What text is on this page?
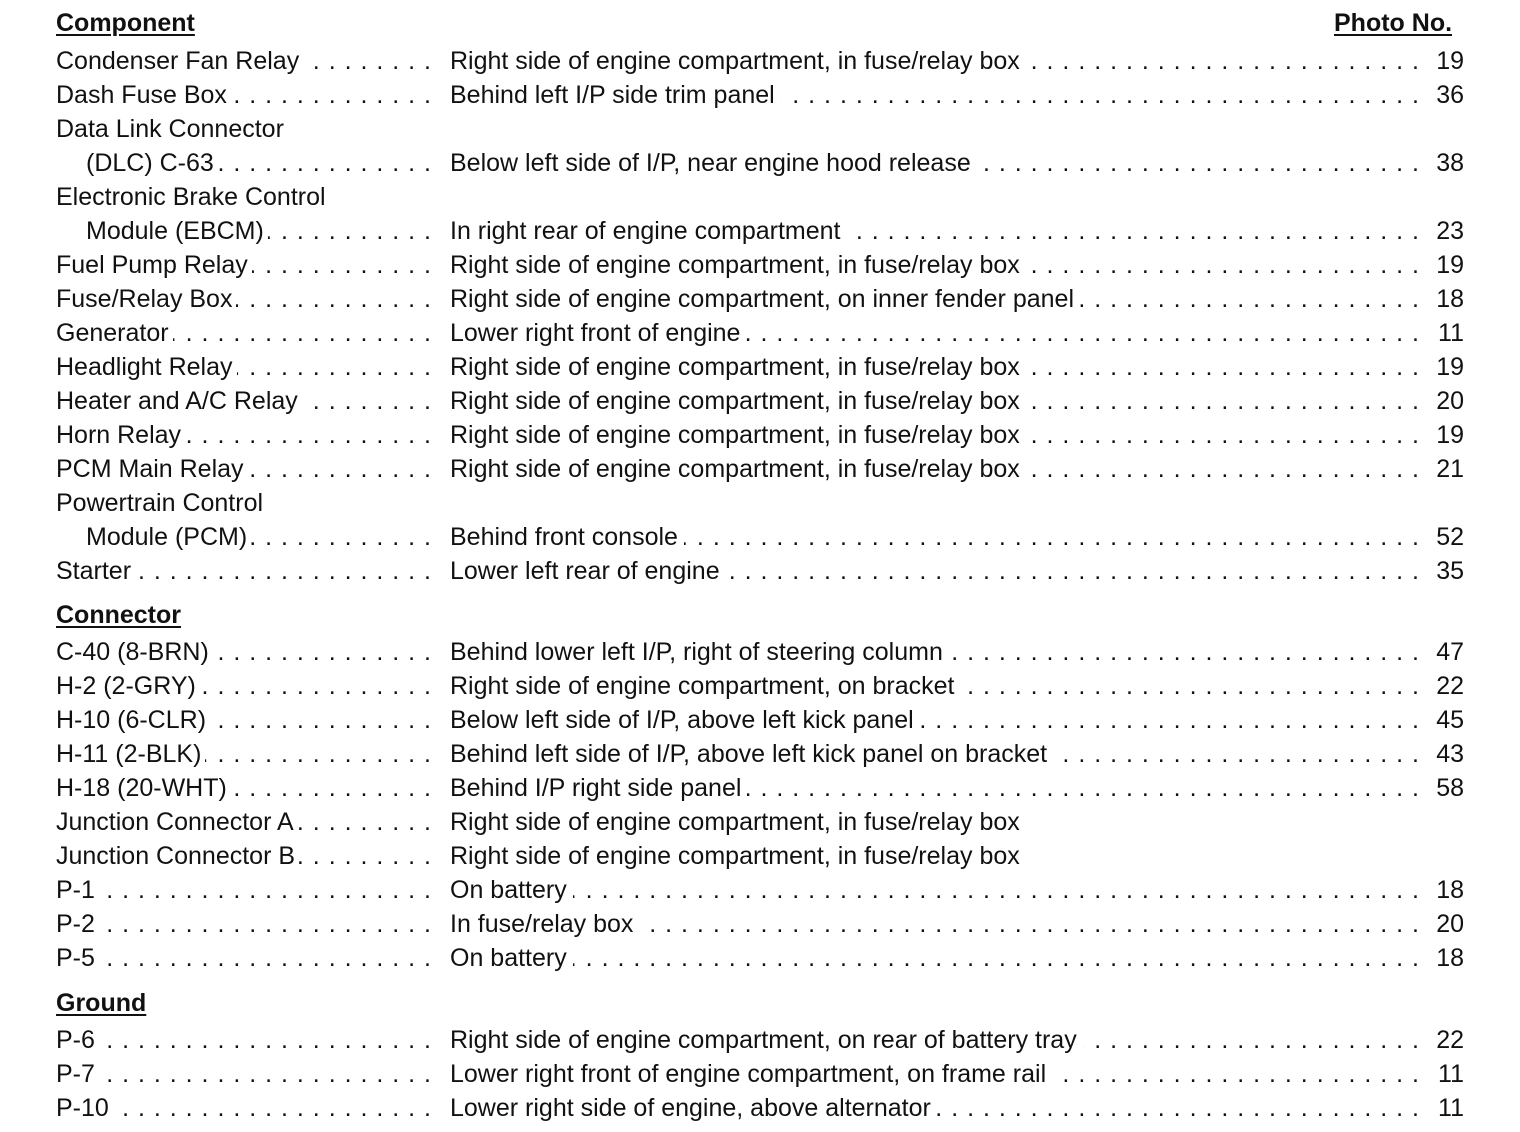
Component	Photo No.
Connector
Ground
Condenser Fan Relay . . .	Right side of engine compartment, in fuse/relay box . . .	19
Dash Fuse Box . . .	Behind left I/P side trim panel . . .	36
Data Link Connector
(DLC) C-63 . . .	Below left side of I/P, near engine hood release . . .	38
Electronic Brake Control
Module (EBCM) . . .	In right rear of engine compartment . . .	23
Fuel Pump Relay . . .	Right side of engine compartment, in fuse/relay box . . .	19
Fuse/Relay Box . . .	Right side of engine compartment, on inner fender panel . . .	18
Generator . . .	Lower right front of engine . . .	11
Headlight Relay . . .	Right side of engine compartment, in fuse/relay box . . .	19
Heater and A/C Relay . . .	Right side of engine compartment, in fuse/relay box . . .	20
Horn Relay . . .	Right side of engine compartment, in fuse/relay box . . .	19
PCM Main Relay . . .	Right side of engine compartment, in fuse/relay box . . .	21
Powertrain Control
Module (PCM) . . .	Behind front console . . .	52
Starter . . .	Lower left rear of engine . . .	35
C-40 (8-BRN) . . .	Behind lower left I/P, right of steering column . . .	47
H-2 (2-GRY) . . .	Right side of engine compartment, on bracket . . .	22
H-10 (6-CLR) . . .	Below left side of I/P, above left kick panel . . .	45
H-11 (2-BLK) . . .	Behind left side of I/P, above left kick panel on bracket . . .	43
H-18 (20-WHT) . . .	Behind I/P right side panel . . .	58
Junction Connector A . . .	Right side of engine compartment, in fuse/relay box
Junction Connector B . . .	Right side of engine compartment, in fuse/relay box
P-1 . . .	On battery . . .	18
P-2 . . .	In fuse/relay box . . .	20
P-5 . . .	On battery . . .	18
P-6 . . .	Right side of engine compartment, on rear of battery tray . . .	22
P-7 . . .	Lower right front of engine compartment, on frame rail . . .	11
P-10 . . .	Lower right side of engine, above alternator . . .	11
